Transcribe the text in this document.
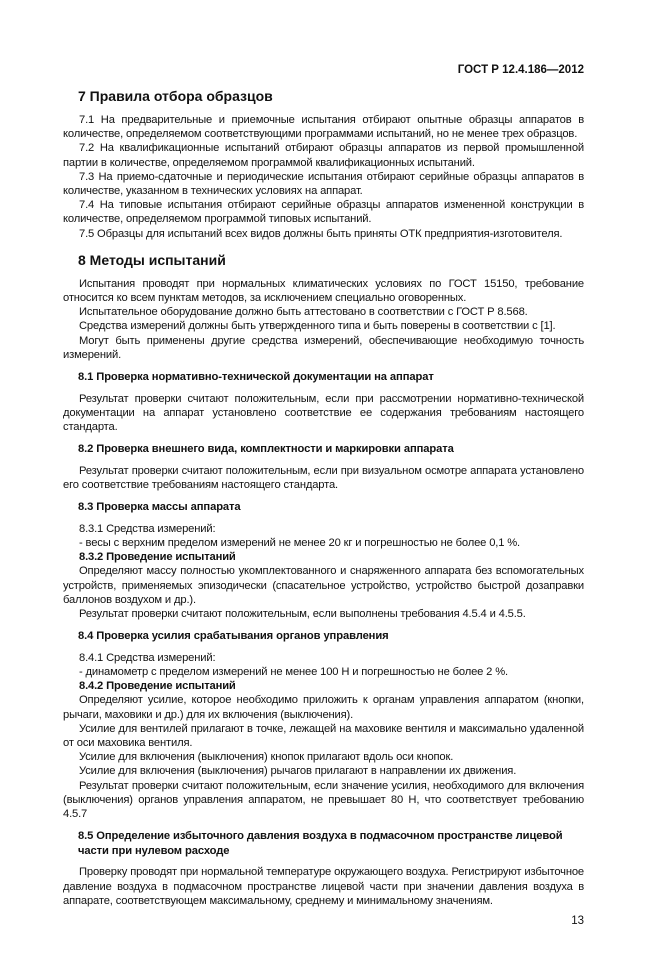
ГОСТ Р 12.4.186—2012
7 Правила отбора образцов

7.1 На предварительные и приемочные испытания отбирают опытные образцы аппаратов в количестве, определяемом соответствующими программами испытаний, но не менее трех образцов.

7.2 На квалификационные испытаний отбирают образцы аппаратов из первой промышленной партии в количестве, определяемом программой квалификационных испытаний.

7.3 На приемо-сдаточные и периодические испытания отбирают серийные образцы аппаратов в количестве, указанном в технических условиях на аппарат.

7.4 На типовые испытания отбирают серийные образцы аппаратов измененной конструкции в количестве, определяемом программой типовых испытаний.

7.5 Образцы для испытаний всех видов должны быть приняты ОТК предприятия-изготовителя.

8 Методы испытаний

Испытания проводят при нормальных климатических условиях по ГОСТ 15150, требование относится ко всем пунктам методов, за исключением специально оговоренных.

Испытательное оборудование должно быть аттестовано в соответствии с ГОСТ Р 8.568.

Средства измерений должны быть утвержденного типа и быть поверены в соответствии с [1].

Могут быть применены другие средства измерений, обеспечивающие необходимую точность измерений.

8.1 Проверка нормативно-технической документации на аппарат

Результат проверки считают положительным, если при рассмотрении нормативно-технической документации на аппарат установлено соответствие ее содержания требованиям настоящего стандарта.

8.2 Проверка внешнего вида, комплектности и маркировки аппарата

Результат проверки считают положительным, если при визуальном осмотре аппарата установлено его соответствие требованиям настоящего стандарта.

8.3 Проверка массы аппарата

8.3.1 Средства измерений:

- весы с верхним пределом измерений не менее 20 кг и погрешностью не более 0,1 %.

8.3.2 Проведение испытаний

Определяют массу полностью укомплектованного и снаряженного аппарата без вспомогательных устройств, применяемых эпизодически (спасательное устройство, устройство быстрой дозаправки баллонов воздухом и др.).

Результат проверки считают положительным, если выполнены требования 4.5.4 и 4.5.5.

8.4 Проверка усилия срабатывания органов управления

8.4.1 Средства измерений:

- динамометр с пределом измерений не менее 100 Н и погрешностью не более 2 %.

8.4.2 Проведение испытаний

Определяют усилие, которое необходимо приложить к органам управления аппаратом (кнопки, рычаги, маховики и др.) для их включения (выключения).

Усилие для вентилей прилагают в точке, лежащей на маховике вентиля и максимально удаленной от оси маховика вентиля.

Усилие для включения (выключения) кнопок прилагают вдоль оси кнопок.

Усилие для включения (выключения) рычагов прилагают в направлении их движения.

Результат проверки считают положительным, если значение усилия, необходимого для включения (выключения) органов управления аппаратом, не превышает 80 Н, что соответствует требованию 4.5.7

8.5 Определение избыточного давления воздуха в подмасочном пространстве лицевой части при нулевом расходе

Проверку проводят при нормальной температуре окружающего воздуха. Регистрируют избыточное давление воздуха в подмасочном пространстве лицевой части при значении давления воздуха в аппарате, соответствующем максимальному, среднему и минимальному значениям.

13
